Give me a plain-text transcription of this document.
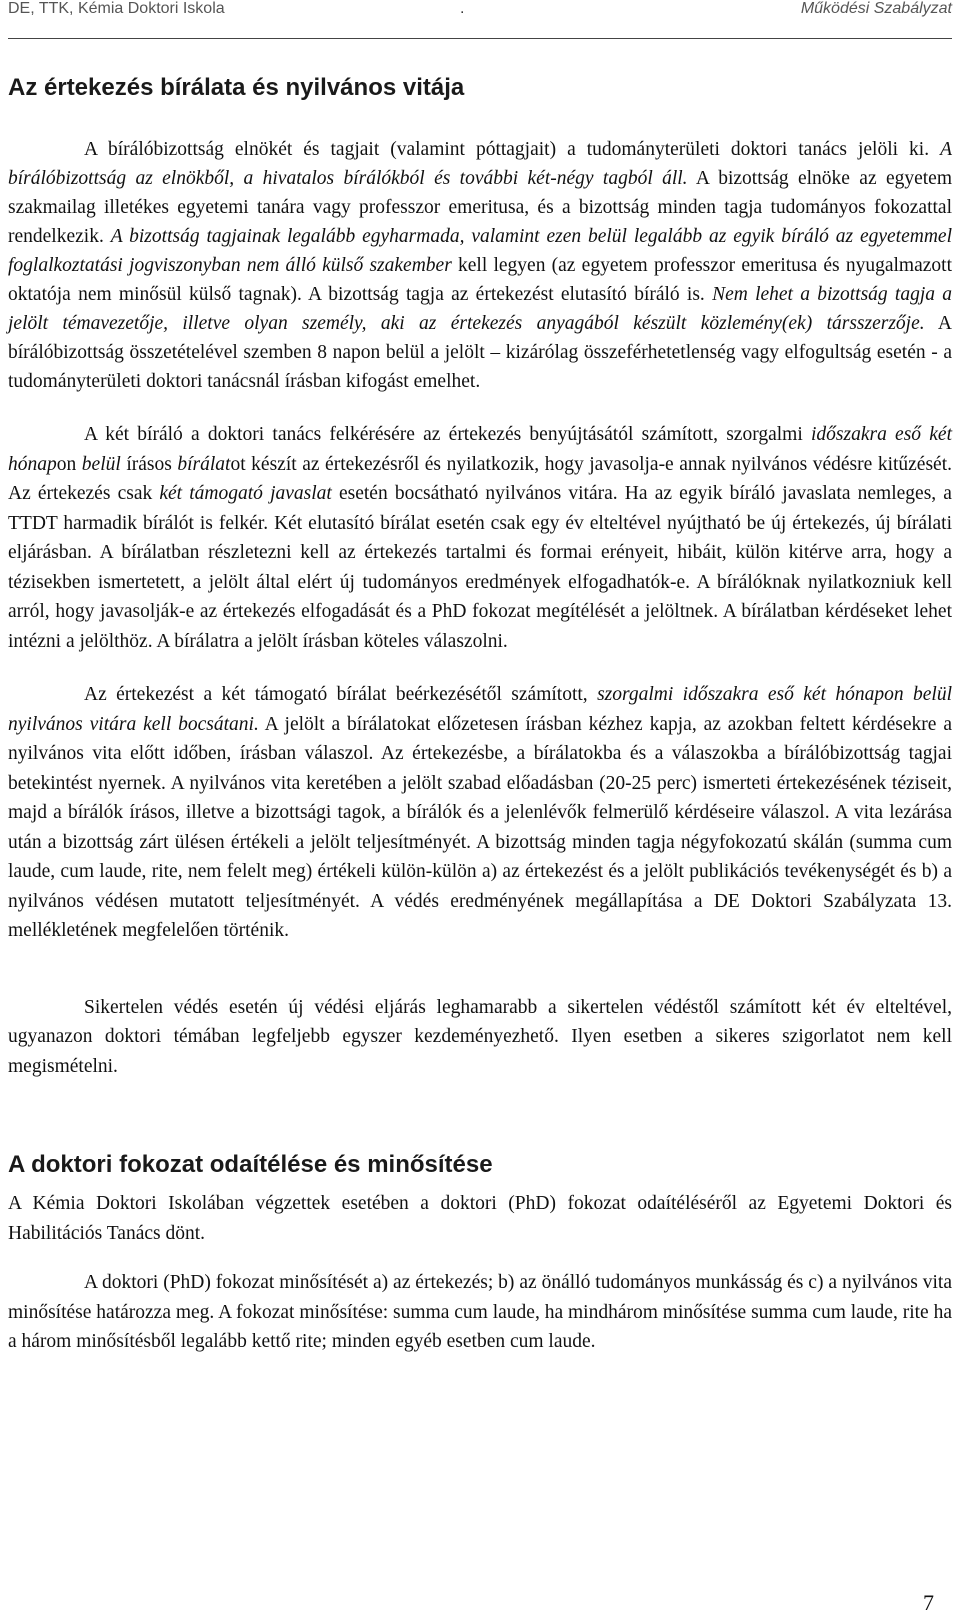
DE, TTK, Kémia Doktori Iskola	.	Működési Szabályzat
Az értekezés bírálata és nyilvános vitája

A bírálóbizottság elnökét és tagjait (valamint póttagjait) a tudományterületi doktori tanács jelöli ki. A bírálóbizottság az elnökből, a hivatalos bírálókból és további két-négy tagból áll. A bizottság elnöke az egyetem szakmailag illetékes egyetemi tanára vagy professzor emeritusa, és a bizottság minden tagja tudományos fokozattal rendelkezik. A bizottság tagjainak legalább egyharmada, valamint ezen belül legalább az egyik bíráló az egyetemmel foglalkoztatási jogviszonyban nem álló külső szakember kell legyen (az egyetem professzor emeritusa és nyugalmazott oktatója nem minősül külső tagnak). A bizottság tagja az értekezést elutasító bíráló is. Nem lehet a bizottság tagja a jelölt témavezetője, illetve olyan személy, aki az értekezés anyagából készült közlemény(ek) társszerzője. A bírálóbizottság összetételével szemben 8 napon belül a jelölt – kizárólag összeférhetetlenség vagy elfogultság esetén - a tudományterületi doktori tanácsnál írásban kifogást emelhet.

A két bíráló a doktori tanács felkérésére az értekezés benyújtásától számított, szorgalmi időszakra eső két hónapon belül írásos bírálatot készít az értekezésről és nyilatkozik, hogy javasolja-e annak nyilvános védésre kitűzését. Az értekezés csak két támogató javaslat esetén bocsátható nyilvános vitára. Ha az egyik bíráló javaslata nemleges, a TTDT harmadik bírálót is felkér. Két elutasító bírálat esetén csak egy év elteltével nyújtható be új értekezés, új bírálati eljárásban. A bírálatban részletezni kell az értekezés tartalmi és formai erényeit, hibáit, külön kitérve arra, hogy a tézisekben ismertetett, a jelölt által elért új tudományos eredmények elfogadhatók-e. A bírálóknak nyilatkozniuk kell arról, hogy javasolják-e az értekezés elfogadását és a PhD fokozat megítélését a jelöltnek. A bírálatban kérdéseket lehet intézni a jelölthöz. A bírálatra a jelölt írásban köteles válaszolni.

Az értekezést a két támogató bírálat beérkezésétől számított, szorgalmi időszakra eső két hónapon belül nyilvános vitára kell bocsátani. A jelölt a bírálatokat előzetesen írásban kézhez kapja, az azokban feltett kérdésekre a nyilvános vita előtt időben, írásban válaszol. Az értekezésbe, a bírálatokba és a válaszokba a bírálóbizottság tagjai betekintést nyernek. A nyilvános vita keretében a jelölt szabad előadásban (20-25 perc) ismerteti értekezésének téziseit, majd a bírálók írásos, illetve a bizottsági tagok, a bírálók és a jelenlévők felmerülő kérdéseire válaszol. A vita lezárása után a bizottság zárt ülésen értékeli a jelölt teljesítményét. A bizottság minden tagja négyfokozatú skálán (summa cum laude, cum laude, rite, nem felelt meg) értékeli külön-külön a) az értekezést és a jelölt publikációs tevékenységét és b) a nyilvános védésen mutatott teljesítményét. A védés eredményének megállapítása a DE Doktori Szabályzata 13. mellékletének megfelelően történik.

Sikertelen védés esetén új védési eljárás leghamarabb a sikertelen védéstől számított két év elteltével, ugyanazon doktori témában legfeljebb egyszer kezdeményezhető. Ilyen esetben a sikeres szigorlatot nem kell megismételni.

A doktori fokozat odaítélése és minősítése

A Kémia Doktori Iskolában végzettek esetében a doktori (PhD) fokozat odaítéléséről az Egyetemi Doktori és Habilitációs Tanács dönt.

A doktori (PhD) fokozat minősítését a) az értekezés; b) az önálló tudományos munkásság és c) a nyilvános vita minősítése határozza meg. A fokozat minősítése: summa cum laude, ha mindhárom minősítése summa cum laude, rite ha a három minősítésből legalább kettő rite; minden egyéb esetben cum laude.

7
